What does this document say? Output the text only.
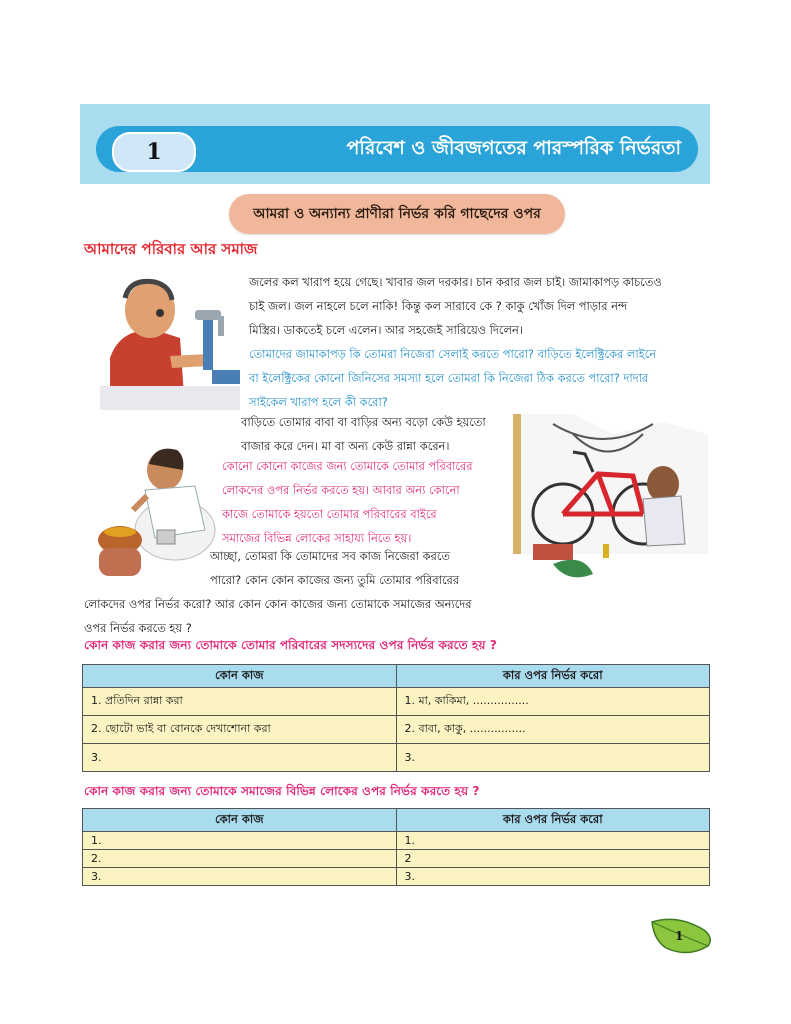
1	পরিবেশ ও জীবজগতের পারস্পরিক নির্ভরতা
আমরা ও অন্যান্য প্রাণীরা নির্ভর করি গাছেদের ওপর
আমাদের পরিবার আর সমাজ
জলের কল খারাপ হয়ে গেছে। খাবার জল দরকার। চান করার জল চাই। জামাকাপড় কাচতেও
চাই জল। জল নাহলে চলে নাকি! কিন্তু কল সারাবে কে ? কাকু খোঁজ দিল পাড়ার নন্দ
মিস্ত্রির। ডাকতেই চলে এলেন। আর সহজেই সারিয়েও দিলেন।
তোমাদের জামাকাপড় কি তোমরা নিজেরা সেলাই করতে পারো? বাড়িতে ইলেক্ট্রিকের লাইনে
বা ইলেক্ট্রিকের কোনো জিনিসের সমস্যা হলে তোমরা কি নিজেরা ঠিক করতে পারো? দাদার
সাইকেল খারাপ হলে কী করো?
বাড়িতে তোমার বাবা বা বাড়ির অন্য বড়ো কেউ হয়তো
বাজার করে দেন। মা বা অন্য কেউ রান্না করেন।
কোনো কোনো কাজের জন্য তোমাকে তোমার পরিবারের
লোকদের ওপর নির্ভর করতে হয়। আবার অন্য কোনো
কাজে তোমাকে হয়তো তোমার পরিবারের বাইরে
সমাজের বিভিন্ন লোকের সাহায্য নিতে হয়।
আচ্ছা, তোমরা কি তোমাদের সব কাজ নিজেরা করতে
পারো? কোন কোন কাজের জন্য তুমি তোমার পরিবারের
লোকদের ওপর নির্ভর করো? আর কোন কোন কাজের জন্য তোমাকে সমাজের অন্যদের
ওপর নির্ভর করতে হয় ?
কোন কাজ করার জন্য তোমাকে তোমার পরিবারের সদস্যদের ওপর নির্ভর করতে হয় ?
কোন কাজ	কার ওপর নির্ভর করো
1. প্রতিদিন রান্না করা	1. মা, কাকিমা, ................
2. ছোটো ভাই বা বোনকে দেখাশোনা করা	2. বাবা, কাকু, ................
3.	3.
কোন কাজ করার জন্য তোমাকে সমাজের বিভিন্ন লোকের ওপর নির্ভর করতে হয় ?
কোন কাজ	কার ওপর নির্ভর করো
1.	1.
2.	2
3.	3.
1
